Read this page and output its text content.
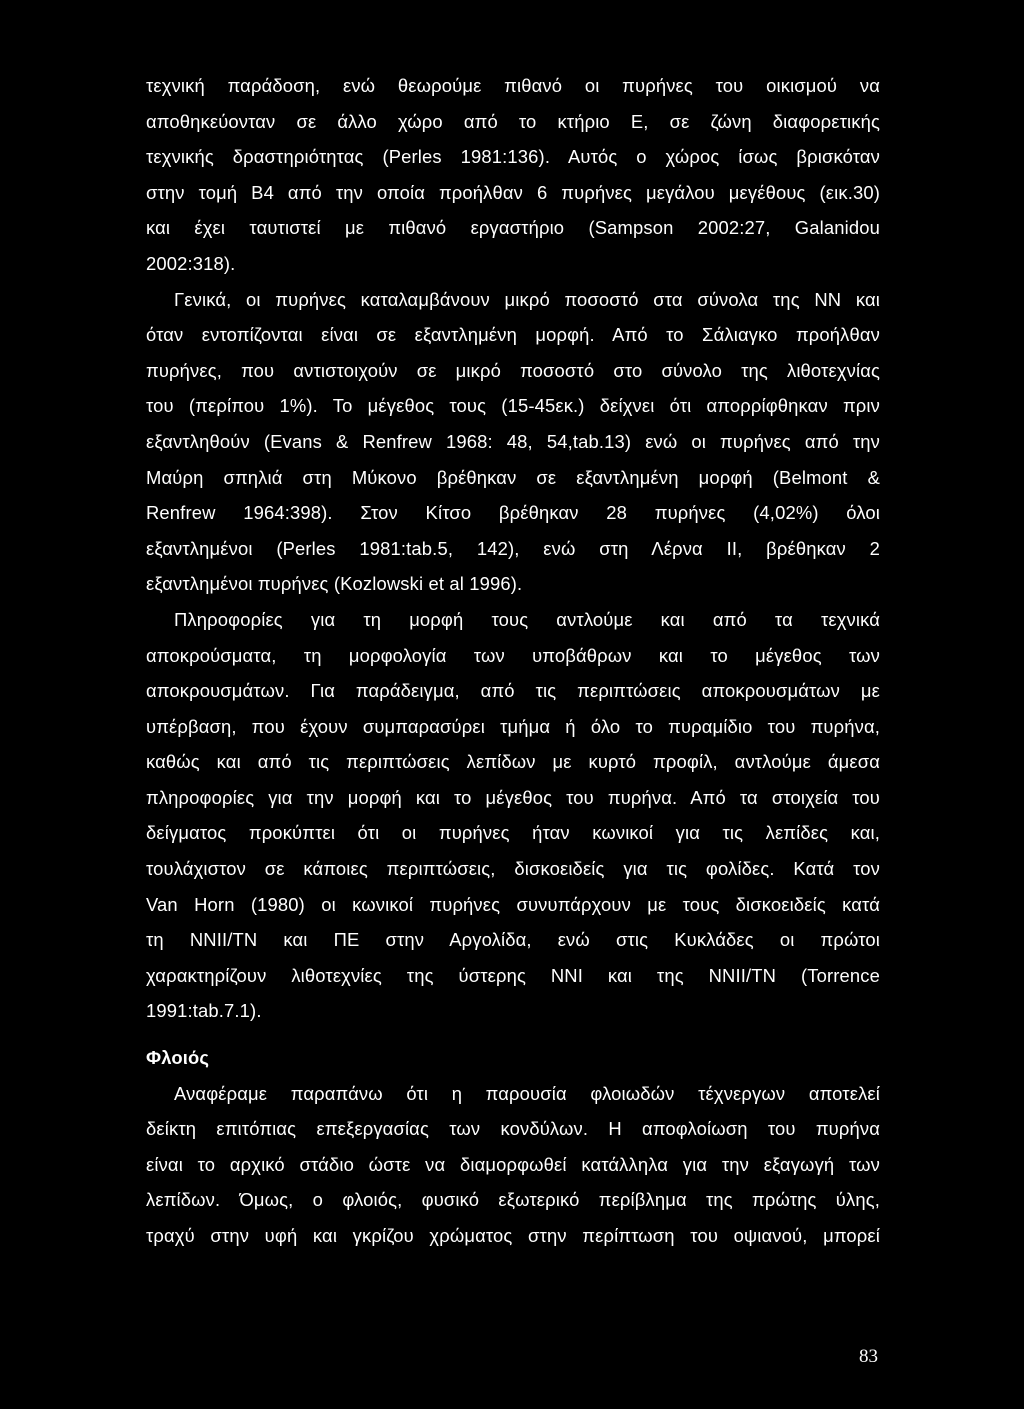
τεχνική παράδοση, ενώ θεωρούμε πιθανό οι πυρήνες του οικισμού να
αποθηκεύονταν σε άλλο χώρο από το κτήριο Ε, σε ζώνη διαφορετικής
τεχνικής δραστηριότητας (Perles 1981:136). Αυτός ο χώρος ίσως βρισκόταν
στην τομή Β4 από την οποία προήλθαν 6 πυρήνες μεγάλου μεγέθους (εικ.30)
και έχει ταυτιστεί με πιθανό εργαστήριο (Sampson 2002:27, Galanidou
2002:318).
Γενικά, οι πυρήνες καταλαμβάνουν μικρό ποσοστό στα σύνολα της ΝΝ και
όταν εντοπίζονται είναι σε εξαντλημένη μορφή. Από το Σάλιαγκο προήλθαν
πυρήνες, που αντιστοιχούν σε μικρό ποσοστό στο σύνολο της λιθοτεχνίας
του (περίπου 1%). Το μέγεθος τους (15-45εκ.) δείχνει ότι απορρίφθηκαν πριν
εξαντληθούν (Evans & Renfrew 1968: 48, 54,tab.13) ενώ οι πυρήνες από την
Μαύρη σπηλιά στη Μύκονο βρέθηκαν σε εξαντλημένη μορφή (Belmont &
Renfrew 1964:398). Στον Κίτσο βρέθηκαν 28 πυρήνες (4,02%) όλοι
εξαντλημένοι (Perles 1981:tab.5, 142), ενώ στη Λέρνα II, βρέθηκαν 2
εξαντλημένοι πυρήνες (Kozlowski et al 1996).
Πληροφορίες για τη μορφή τους αντλούμε και από τα τεχνικά
αποκρούσματα, τη μορφολογία των υποβάθρων και το μέγεθος των
αποκρουσμάτων. Για παράδειγμα, από τις περιπτώσεις αποκρουσμάτων με
υπέρβαση, που έχουν συμπαρασύρει τμήμα ή όλο το πυραμίδιο του πυρήνα,
καθώς και από τις περιπτώσεις λεπίδων με κυρτό προφίλ, αντλούμε άμεσα
πληροφορίες για την μορφή και το μέγεθος του πυρήνα. Από τα στοιχεία του
δείγματος προκύπτει ότι οι πυρήνες ήταν κωνικοί για τις λεπίδες και,
τουλάχιστον σε κάποιες περιπτώσεις, δισκοειδείς για τις φολίδες. Κατά τον
Van Horn (1980) οι κωνικοί πυρήνες συνυπάρχουν με τους δισκοειδείς κατά
τη ΝΝΙΙ/ΤΝ και ΠΕ στην Αργολίδα, ενώ στις Κυκλάδες οι πρώτοι
χαρακτηρίζουν λιθοτεχνίες της ύστερης ΝΝΙ και της ΝΝΙΙ/ΤΝ (Torrence
1991:tab.7.1).
Φλοιός
Αναφέραμε παραπάνω ότι η παρουσία φλοιωδών τέχνεργων αποτελεί
δείκτη επιτόπιας επεξεργασίας των κονδύλων. Η αποφλοίωση του πυρήνα
είναι το αρχικό στάδιο ώστε να διαμορφωθεί κατάλληλα για την εξαγωγή των
λεπίδων. Όμως, ο φλοιός, φυσικό εξωτερικό περίβλημα της πρώτης ύλης,
τραχύ στην υφή και γκρίζου χρώματος στην περίπτωση του οψιανού, μπορεί
83
